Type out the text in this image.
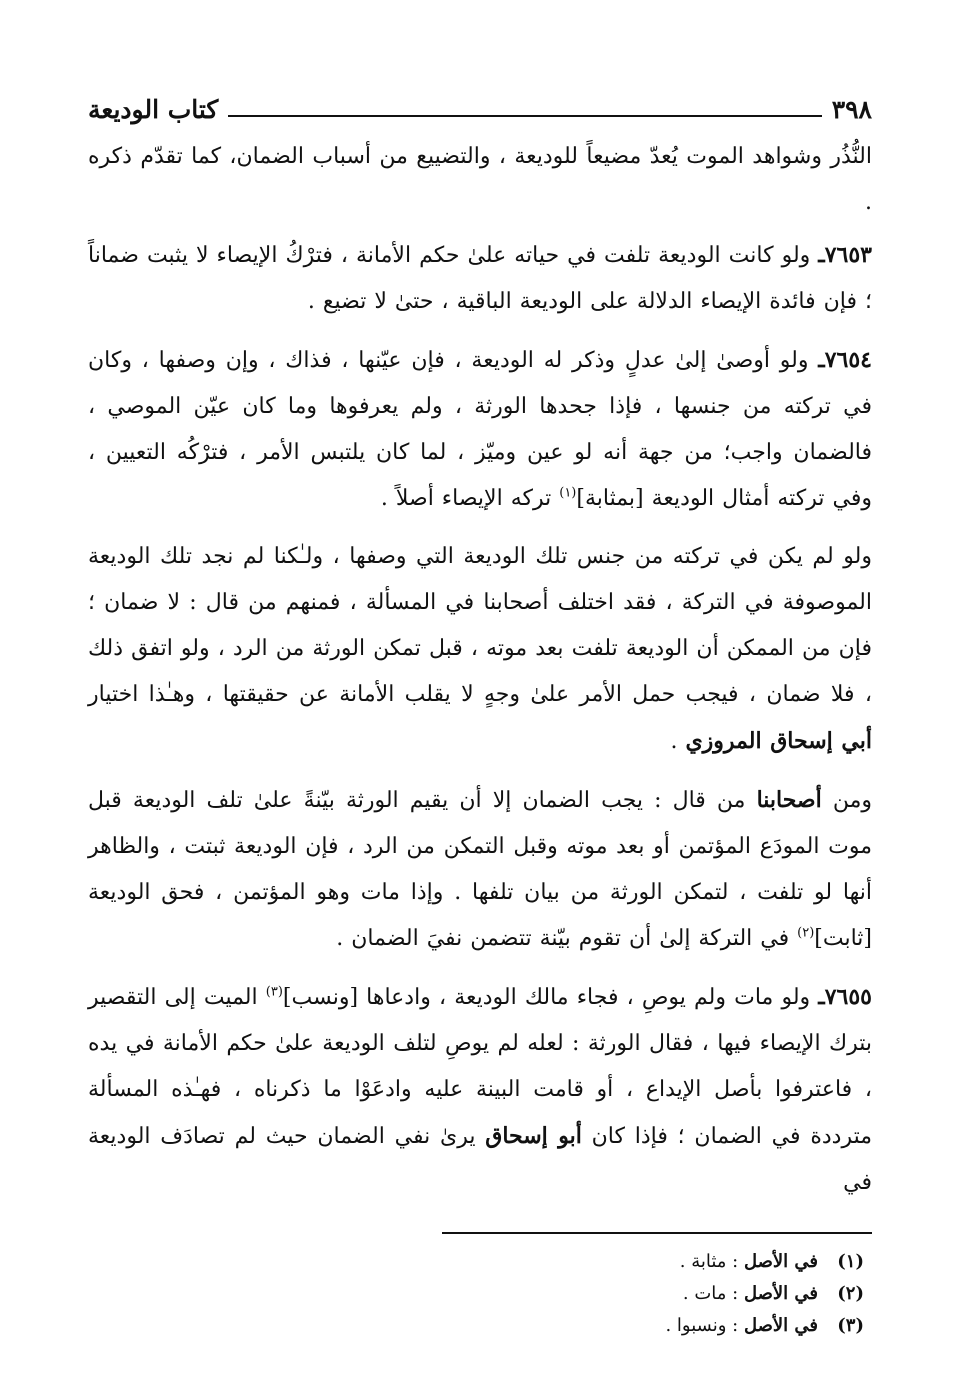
٣٩٨
كتاب الوديعة

النُّذُر وشواهد الموت يُعدّ مضيعاً للوديعة ، والتضييع من أسباب الضمان، كما تقدّم ذكره .

٧٦٥٣ـ ولو كانت الوديعة تلفت في حياته علىٰ حكم الأمانة ، فترْكُ الإيصاء لا يثبت ضماناً ؛ فإن فائدة الإيصاء الدلالة على الوديعة الباقية ، حتىٰ لا تضيع .

٧٦٥٤ـ ولو أوصىٰ إلىٰ عدلٍ وذكر له الوديعة ، فإن عيّنها ، فذاك ، وإن وصفها ، وكان في تركته من جنسها ، فإذا جحدها الورثة ، ولم يعرفوها وما كان عيّن الموصي ، فالضمان واجب؛ من جهة أنه لو عين وميّز ، لما كان يلتبس الأمر ، فترْكُه التعيين ، وفي تركته أمثال الوديعة [بمثابة]$^{(١)}$ تركه الإيصاء أصلاً .

ولو لم يكن في تركته من جنس تلك الوديعة التي وصفها ، ولـٰكنا لم نجد تلك الوديعة الموصوفة في التركة ، فقد اختلف أصحابنا في المسألة ، فمنهم من قال : لا ضمان ؛ فإن من الممكن أن الوديعة تلفت بعد موته ، قبل تمكن الورثة من الرد ، ولو اتفق ذلك ، فلا ضمان ، فيجب حمل الأمر علىٰ وجهٍ لا يقلب الأمانة عن حقيقتها ، وهـٰذا اختيار أبي إسحاق المروزي .

ومن أصحابنا من قال : يجب الضمان إلا أن يقيم الورثة بيّنةً علىٰ تلف الوديعة قبل موت المودَع المؤتمن أو بعد موته وقبل التمكن من الرد ، فإن الوديعة ثبتت ، والظاهر أنها لو تلفت ، لتمكن الورثة من بيان تلفها . وإذا مات وهو المؤتمن ، فحق الوديعة [ثابت]$^{(٢)}$ في التركة إلىٰ أن تقوم بيّنة تتضمن نفيَ الضمان .

٧٦٥٥ـ ولو مات ولم يوصِ ، فجاء مالك الوديعة ، وادعاها [ونسب]$^{(٣)}$ الميت إلى التقصير بترك الإيصاء فيها ، فقال الورثة : لعله لم يوصِ لتلف الوديعة علىٰ حكم الأمانة في يده ، فاعترفوا بأصل الإيداع ، أو قامت البينة عليه وادعَوْا ما ذكرناه ، فهـٰذه المسألة مترددة في الضمان ؛ فإذا كان أبو إسحاق يرىٰ نفي الضمان حيث لم تصادَف الوديعة في

(١)
في الأصل : مثابة .
(٢)
في الأصل : مات .
(٣)
في الأصل : ونسبوا .
